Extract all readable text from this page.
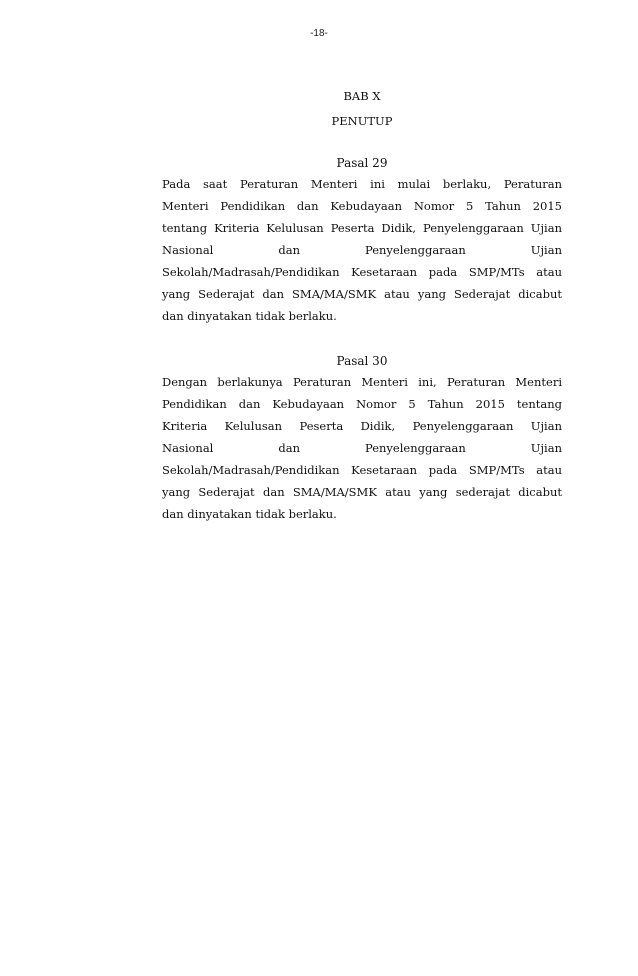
-18-
BAB X
PENUTUP
Pasal 29
Pada saat Peraturan Menteri ini mulai berlaku, Peraturan
Menteri Pendidikan dan Kebudayaan Nomor 5 Tahun 2015
tentang Kriteria Kelulusan Peserta Didik, Penyelenggaraan Ujian
Nasional dan Penyelenggaraan Ujian
Sekolah/Madrasah/Pendidikan Kesetaraan pada SMP/MTs atau
yang Sederajat dan SMA/MA/SMK atau yang Sederajat dicabut
dan dinyatakan tidak berlaku.
Pasal 30
Dengan berlakunya Peraturan Menteri ini, Peraturan Menteri
Pendidikan dan Kebudayaan Nomor 5 Tahun 2015 tentang
Kriteria Kelulusan Peserta Didik, Penyelenggaraan Ujian
Nasional dan Penyelenggaraan Ujian
Sekolah/Madrasah/Pendidikan Kesetaraan pada SMP/MTs atau
yang Sederajat dan SMA/MA/SMK atau yang sederajat dicabut
dan dinyatakan tidak berlaku.
